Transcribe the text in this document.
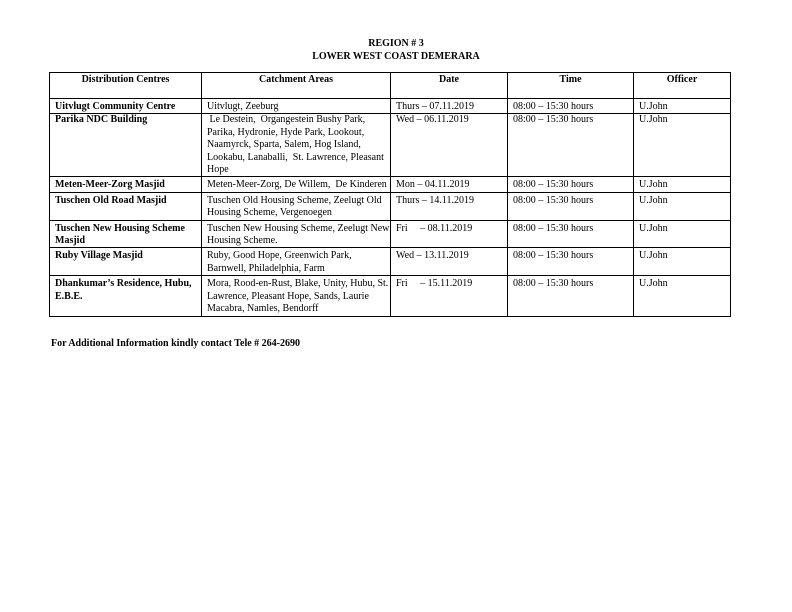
REGION # 3
LOWER WEST COAST DEMERARA
Distribution Centres	Catchment Areas	Date	Time	Officer
Uitvlugt Community Centre	Uitvlugt, Zeeburg	Thurs – 07.11.2019	08:00 – 15:30 hours	U.John
Parika NDC Building	Le Destein,  Organgestein Bushy Park, Parika, Hydronie, Hyde Park, Lookout, Naamyrck, Sparta, Salem, Hog Island, Lookabu, Lanaballi,  St. Lawrence, Pleasant Hope	Wed – 06.11.2019	08:00 – 15:30 hours	U.John
Meten-Meer-Zorg Masjid	Meten-Meer-Zorg, De Willem,  De Kinderen	Mon – 04.11.2019	08:00 – 15:30 hours	U.John
Tuschen Old Road Masjid	Tuschen Old Housing Scheme, Zeelugt Old Housing Scheme, Vergenoegen	Thurs – 14.11.2019	08:00 – 15:30 hours	U.John
Tuschen New Housing Scheme Masjid	Tuschen New Housing Scheme, Zeelugt New Housing Scheme.	Fri     – 08.11.2019	08:00 – 15:30 hours	U.John
Ruby Village Masjid	Ruby, Good Hope, Greenwich Park, Barnwell, Philadelphia, Farm	Wed – 13.11.2019	08:00 – 15:30 hours	U.John
Dhankumar’s Residence, Hubu, E.B.E.	Mora, Rood-en-Rust, Blake, Unity, Hubu, St. Lawrence, Pleasant Hope, Sands, Laurie Macabra, Namles, Bendorff	Fri     – 15.11.2019	08:00 – 15:30 hours	U.John
For Additional Information kindly contact Tele # 264-2690
